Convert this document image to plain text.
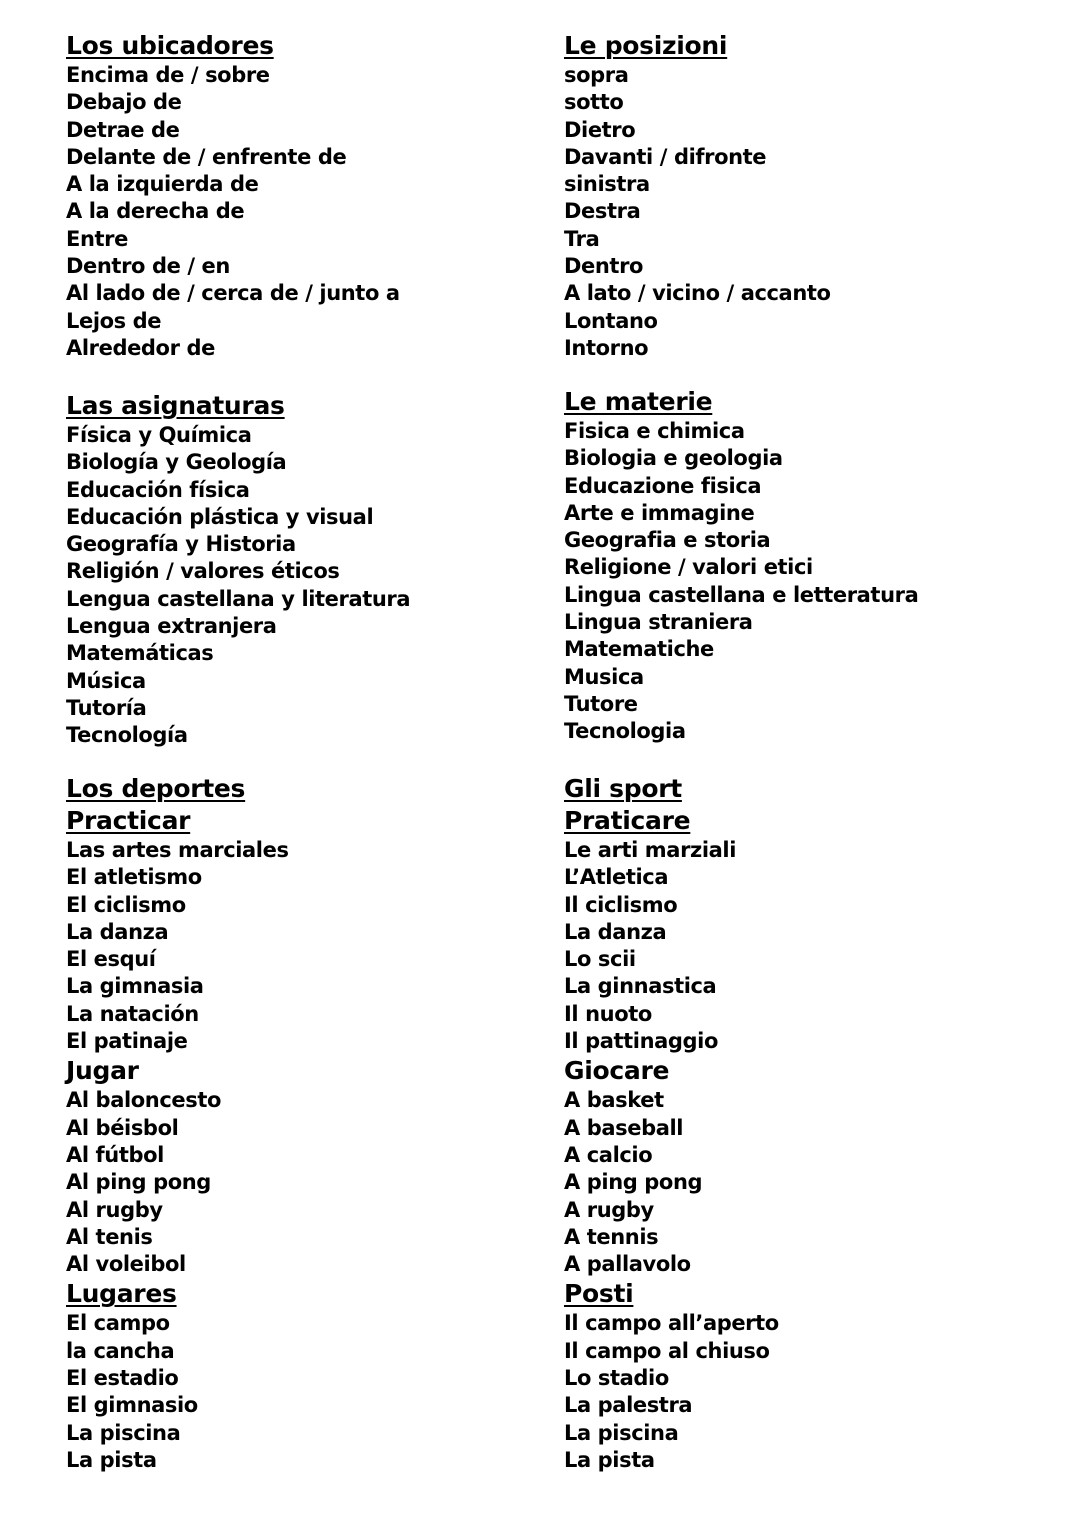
Los ubicadores
Encima de / sobre
Debajo de
Detrae de
Delante de / enfrente de
A la izquierda de
A la derecha de
Entre
Dentro de / en
Al lado de / cerca de / junto a
Lejos de
Alrededor de
Las asignaturas
Física y Química
Biología y Geología
Educación física
Educación plástica y visual
Geografía y Historia
Religión / valores éticos
Lengua castellana y literatura
Lengua extranjera
Matemáticas
Música
Tutoría
Tecnología
Los deportes
Practicar
Las artes marciales
El atletismo
El ciclismo
La danza
El esquí
La gimnasia
La natación
El patinaje
Jugar
Al baloncesto
Al béisbol
Al fútbol
Al ping pong
Al rugby
Al tenis
Al voleibol
Lugares
El campo
la cancha
El estadio
El gimnasio
La piscina
La pista
Le posizioni
sopra
sotto
Dietro
Davanti / difronte
sinistra
Destra
Tra
Dentro
A lato / vicino / accanto
Lontano
Intorno
Le materie
Fisica e chimica
Biologia e geologia
Educazione fisica
Arte e immagine
Geografia e storia
Religione / valori etici
Lingua castellana e letteratura
Lingua straniera
Matematiche
Musica
Tutore
Tecnologia
Gli sport
Praticare
Le arti marziali
L’Atletica
Il ciclismo
La danza
Lo scii
La ginnastica
Il nuoto
Il pattinaggio
Giocare
A basket
A baseball
A calcio
A ping pong
A rugby
A tennis
A pallavolo
Posti
Il campo all’aperto
Il campo al chiuso
Lo stadio
La palestra
La piscina
La pista
